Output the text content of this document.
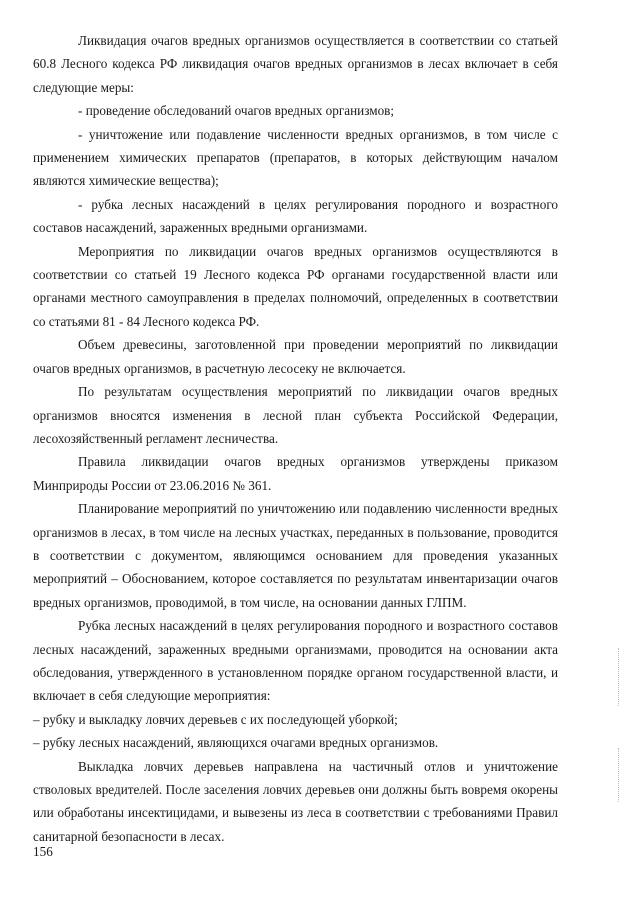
Ликвидация очагов вредных организмов осуществляется в соответствии со статьей 60.8 Лесного кодекса РФ ликвидация очагов вредных организмов в лесах включает в себя следующие меры:

- проведение обследований очагов вредных организмов;

- уничтожение или подавление численности вредных организмов, в том числе с применением химических препаратов (препаратов, в которых действующим началом являются химические вещества);

- рубка лесных насаждений в целях регулирования породного и возрастного составов насаждений, зараженных вредными организмами.

Мероприятия по ликвидации очагов вредных организмов осуществляются в соответствии со статьей 19 Лесного кодекса РФ органами государственной власти или органами местного самоуправления в пределах полномочий, определенных в соответствии со статьями 81 - 84 Лесного кодекса РФ.

Объем древесины, заготовленной при проведении мероприятий по ликвидации очагов вредных организмов, в расчетную лесосеку не включается.

По результатам осуществления мероприятий по ликвидации очагов вредных организмов вносятся изменения в лесной план субъекта Российской Федерации, лесохозяйственный регламент лесничества.

Правила ликвидации очагов вредных организмов утверждены приказом Минприроды России от 23.06.2016 № 361.

Планирование мероприятий по уничтожению или подавлению численности вредных организмов в лесах, в том числе на лесных участках, переданных в пользование, проводится в соответствии с документом, являющимся основанием для проведения указанных мероприятий – Обоснованием, которое составляется по результатам инвентаризации очагов вредных организмов, проводимой, в том числе, на основании данных ГЛПМ.

Рубка лесных насаждений в целях регулирования породного и возрастного составов лесных насаждений, зараженных вредными организмами, проводится на основании акта обследования, утвержденного в установленном порядке органом государственной власти, и включает в себя следующие мероприятия:

– рубку и выкладку ловчих деревьев с их последующей уборкой;

– рубку лесных насаждений, являющихся очагами вредных организмов.

Выкладка ловчих деревьев направлена на частичный отлов и уничтожение стволовых вредителей. После заселения ловчих деревьев они должны быть вовремя окорены или обработаны инсектицидами, и вывезены из леса в соответствии с требованиями Правил санитарной безопасности в лесах.

156
